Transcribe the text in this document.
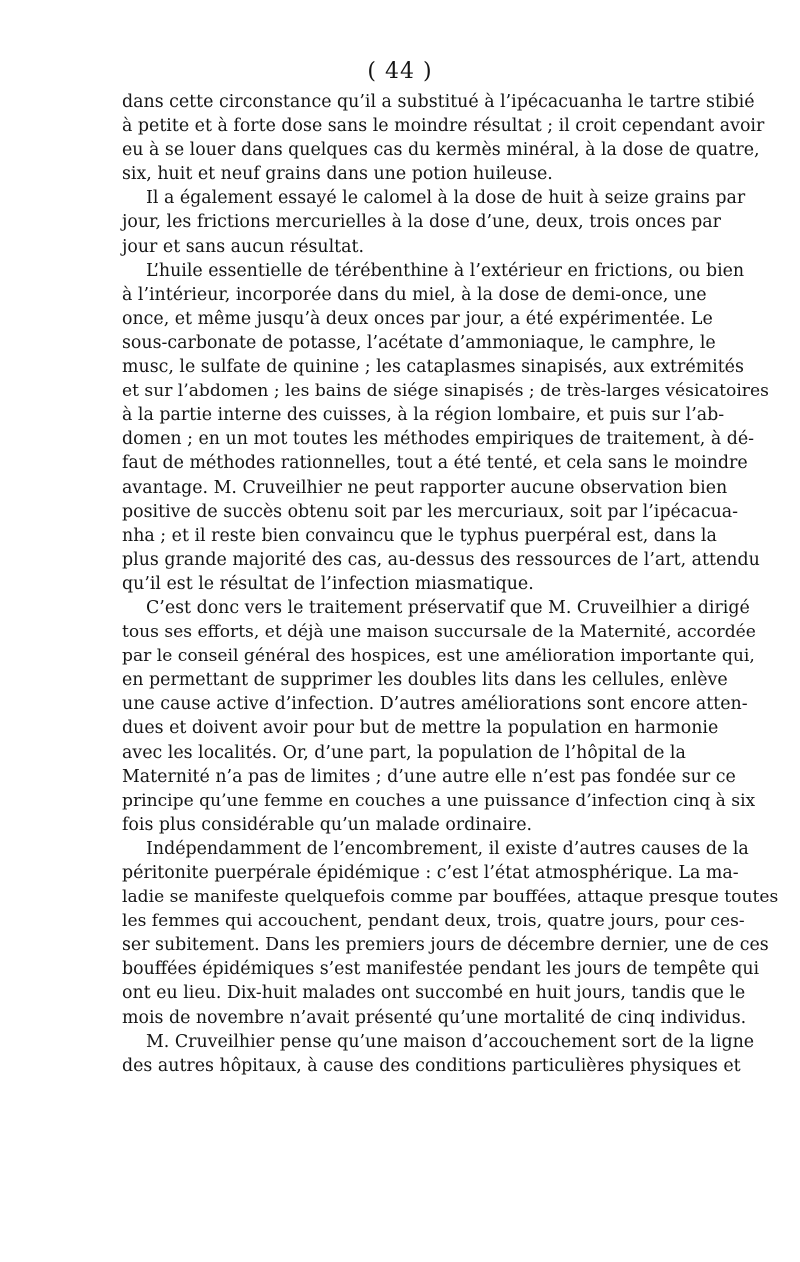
( 44 )
dans cette circonstance qu’il a substitué à l’ipécacuanha le tartre stibié
à petite et à forte dose sans le moindre résultat ; il croit cependant avoir
eu à se louer dans quelques cas du kermès minéral, à la dose de quatre,
six, huit et neuf grains dans une potion huileuse.
Il a également essayé le calomel à la dose de huit à seize grains par
jour, les frictions mercurielles à la dose d’une, deux, trois onces par
jour et sans aucun résultat.
L’huile essentielle de térébenthine à l’extérieur en frictions, ou bien
à l’intérieur, incorporée dans du miel, à la dose de demi-once, une
once, et même jusqu’à deux onces par jour, a été expérimentée. Le
sous-carbonate de potasse, l’acétate d’ammoniaque, le camphre, le
musc, le sulfate de quinine ; les cataplasmes sinapisés, aux extrémités
et sur l’abdomen ; les bains de siége sinapisés ; de très-larges vésicatoires
à la partie interne des cuisses, à la région lombaire, et puis sur l’ab-
domen ; en un mot toutes les méthodes empiriques de traitement, à dé-
faut de méthodes rationnelles, tout a été tenté, et cela sans le moindre
avantage. M. Cruveilhier ne peut rapporter aucune observation bien
positive de succès obtenu soit par les mercuriaux, soit par l’ipécacua-
nha ; et il reste bien convaincu que le typhus puerpéral est, dans la
plus grande majorité des cas, au-dessus des ressources de l’art, attendu
qu’il est le résultat de l’infection miasmatique.
C’est donc vers le traitement préservatif que M. Cruveilhier a dirigé
tous ses efforts, et déjà une maison succursale de la Maternité, accordée
par le conseil général des hospices, est une amélioration importante qui,
en permettant de supprimer les doubles lits dans les cellules, enlève
une cause active d’infection. D’autres améliorations sont encore atten-
dues et doivent avoir pour but de mettre la population en harmonie
avec les localités. Or, d’une part, la population de l’hôpital de la
Maternité n’a pas de limites ; d’une autre elle n’est pas fondée sur ce
principe qu’une femme en couches a une puissance d’infection cinq à six
fois plus considérable qu’un malade ordinaire.
Indépendamment de l’encombrement, il existe d’autres causes de la
péritonite puerpérale épidémique : c’est l’état atmosphérique. La ma-
ladie se manifeste quelquefois comme par bouffées, attaque presque toutes
les femmes qui accouchent, pendant deux, trois, quatre jours, pour ces-
ser subitement. Dans les premiers jours de décembre dernier, une de ces
bouffées épidémiques s’est manifestée pendant les jours de tempête qui
ont eu lieu. Dix-huit malades ont succombé en huit jours, tandis que le
mois de novembre n’avait présenté qu’une mortalité de cinq individus.
M. Cruveilhier pense qu’une maison d’accouchement sort de la ligne
des autres hôpitaux, à cause des conditions particulières physiques et
